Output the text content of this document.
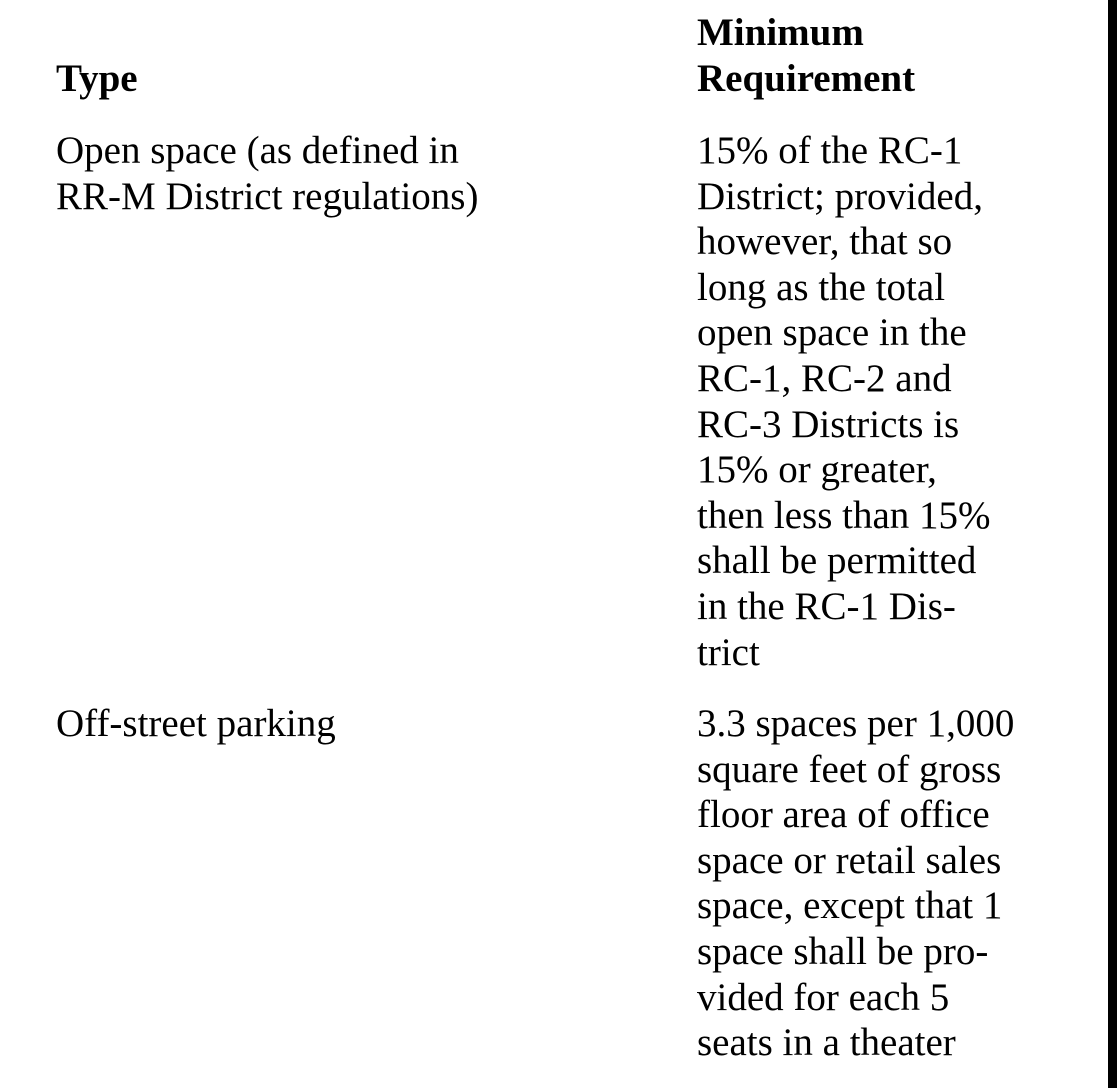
Type
Minimum
Requirement
Open space (as defined in
RR-M District regulations)
15% of the RC-1
District; provided,
however, that so
long as the total
open space in the
RC-1, RC-2 and
RC-3 Districts is
15% or greater,
then less than 15%
shall be permitted
in the RC-1 Dis-
trict
Off-street parking	3.3 spaces per 1,000
square feet of gross
floor area of office
space or retail sales
space, except that 1
space shall be pro-
vided for each 5
seats in a theater
